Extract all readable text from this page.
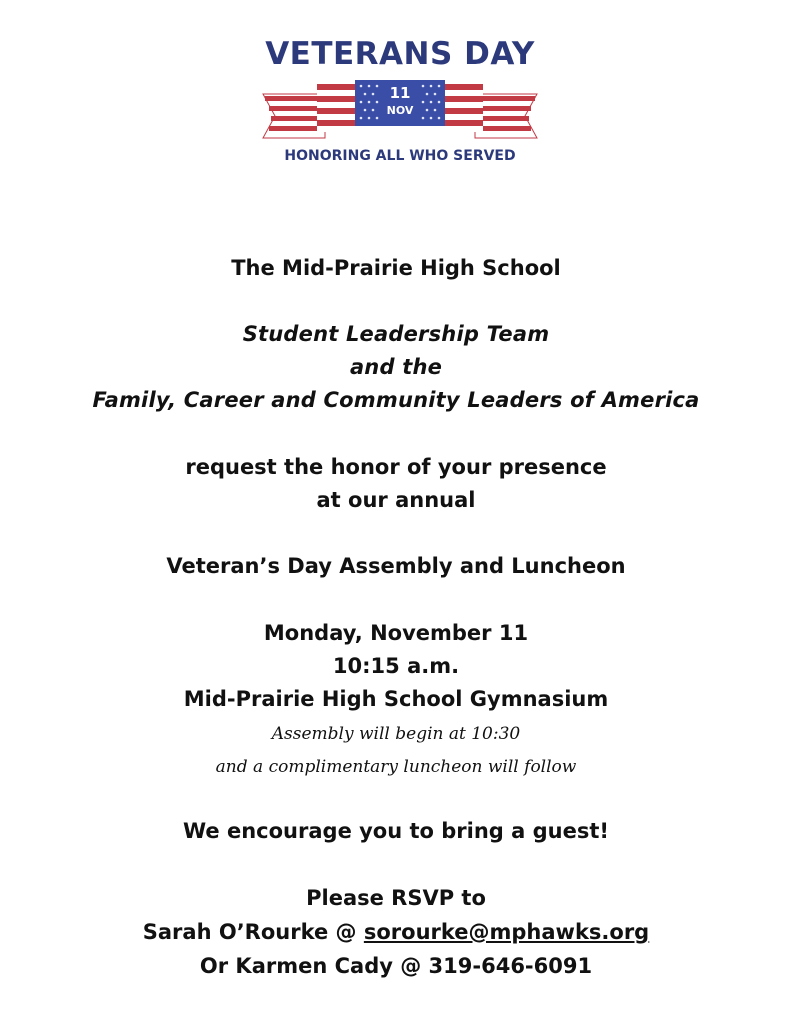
VETERANS DAY
11
NOV
HONORING ALL WHO SERVED

The Mid-Prairie High School

Student Leadership Team

and the

Family, Career and Community Leaders of America

request the honor of your presence

at our annual

Veteran’s Day Assembly and Luncheon

Monday, November 11

10:15 a.m.

Mid-Prairie High School Gymnasium

Assembly will begin at 10:30

and a complimentary luncheon will follow

We encourage you to bring a guest!

Please RSVP to

Sarah O’Rourke @ sorourke@mphawks.org

Or Karmen Cady @ 319-646-6091
